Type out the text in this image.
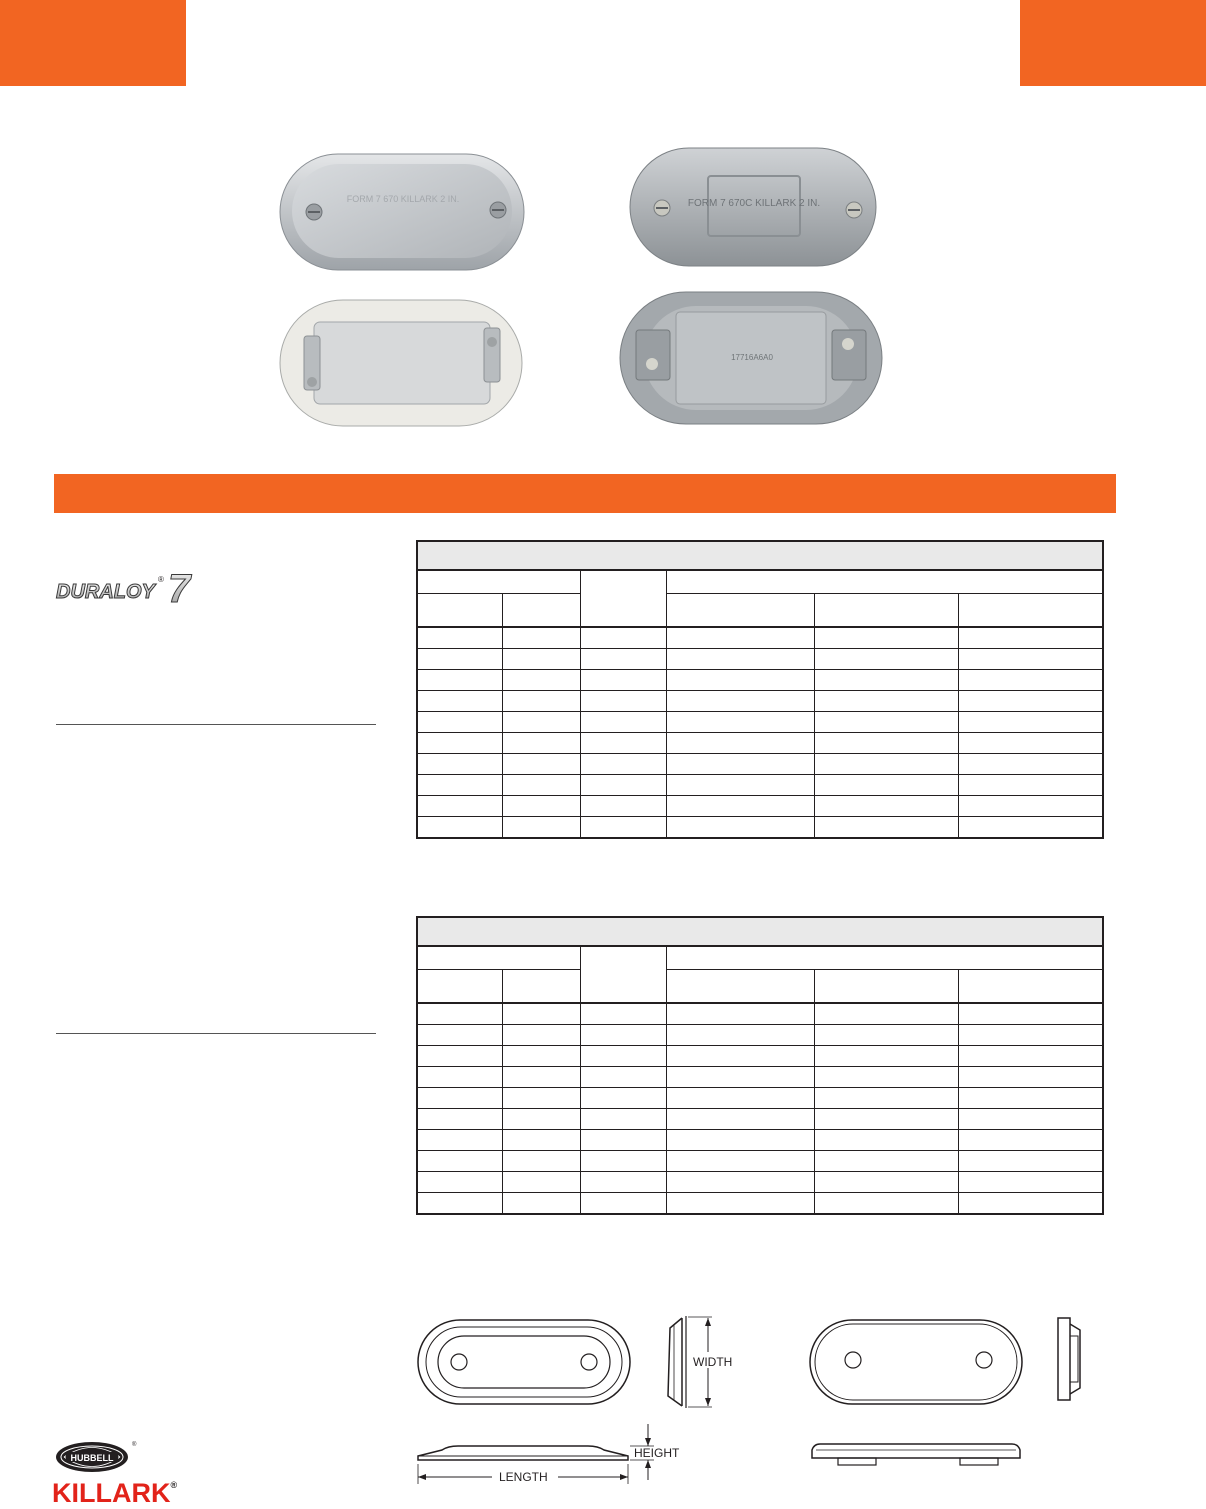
FORM 7 670 KILLARK 2 IN.	FORM 7 670C KILLARK 2 IN.
17716A6A0
DURALOY
® 7

WIDTH
HEIGHT
LENGTH
HUBBELL
®
KILLARK®
